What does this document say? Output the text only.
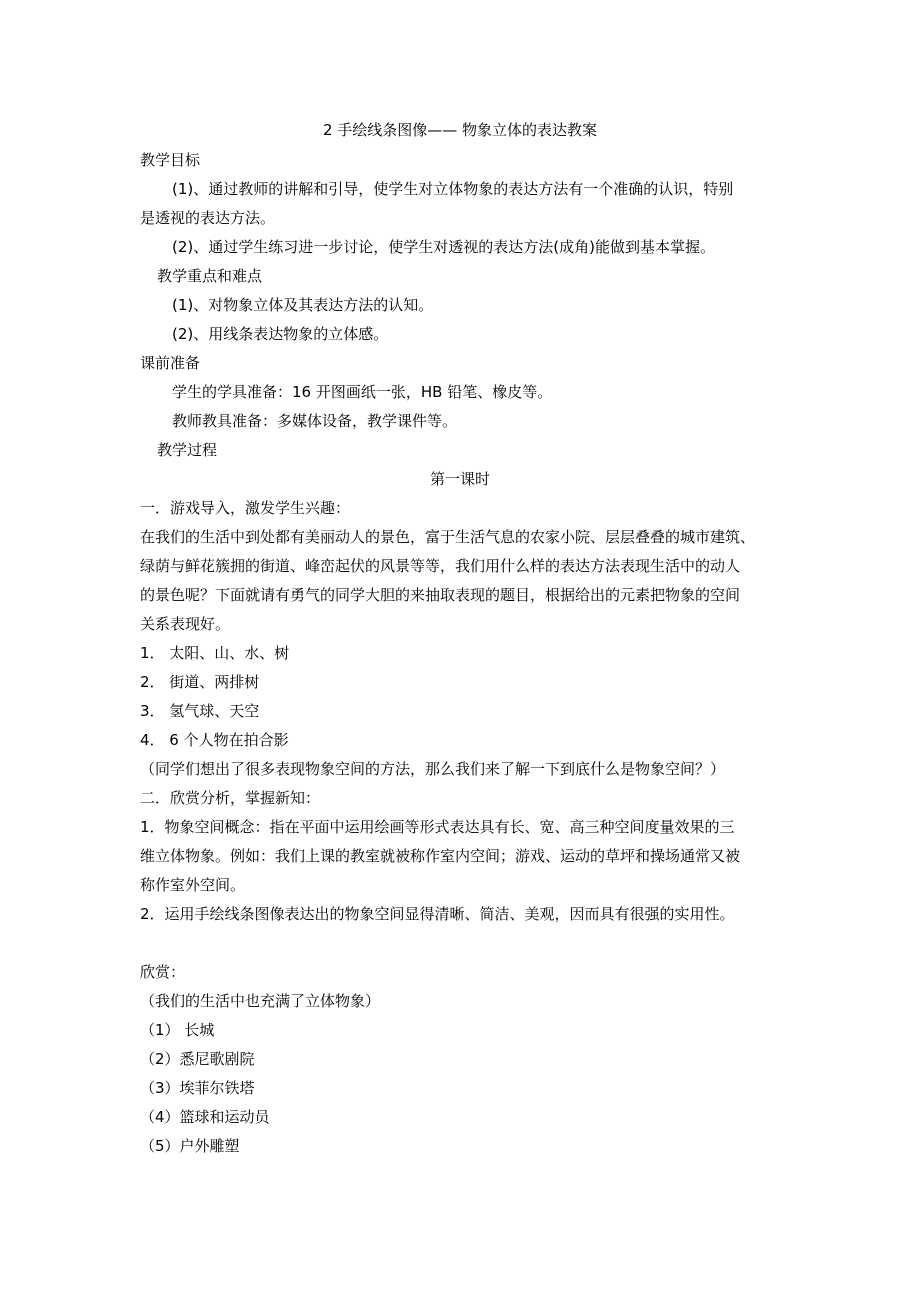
2 手绘线条图像—— 物象立体的表达教案
教学目标
(1)、通过教师的讲解和引导，使学生对立体物象的表达方法有一个准确的认识，特别
是透视的表达方法。
(2)、通过学生练习进一步讨论，使学生对透视的表达方法(成角)能做到基本掌握。
教学重点和难点
(1)、对物象立体及其表达方法的认知。
(2)、用线条表达物象的立体感。
课前准备
学生的学具准备：16 开图画纸一张，HB 铅笔、橡皮等。
教师教具准备：多媒体设备，教学课件等。
教学过程
第一课时
一．游戏导入，激发学生兴趣：
在我们的生活中到处都有美丽动人的景色，富于生活气息的农家小院、层层叠叠的城市建筑、
绿荫与鲜花簇拥的街道、峰峦起伏的风景等等，我们用什么样的表达方法表现生活中的动人
的景色呢？下面就请有勇气的同学大胆的来抽取表现的题目，根据给出的元素把物象的空间
关系表现好。
1． 太阳、山、水、树
2． 街道、两排树
3． 氢气球、天空
4． 6 个人物在拍合影
（同学们想出了很多表现物象空间的方法，那么我们来了解一下到底什么是物象空间？）
二．欣赏分析，掌握新知：
1．物象空间概念：指在平面中运用绘画等形式表达具有长、宽、高三种空间度量效果的三
维立体物象。例如：我们上课的教室就被称作室内空间；游戏、运动的草坪和操场通常又被
称作室外空间。
2．运用手绘线条图像表达出的物象空间显得清晰、简洁、美观，因而具有很强的实用性。
欣赏：
（我们的生活中也充满了立体物象）
（1） 长城
（2）悉尼歌剧院
（3）埃菲尔铁塔
（4）篮球和运动员
（5）户外雕塑
